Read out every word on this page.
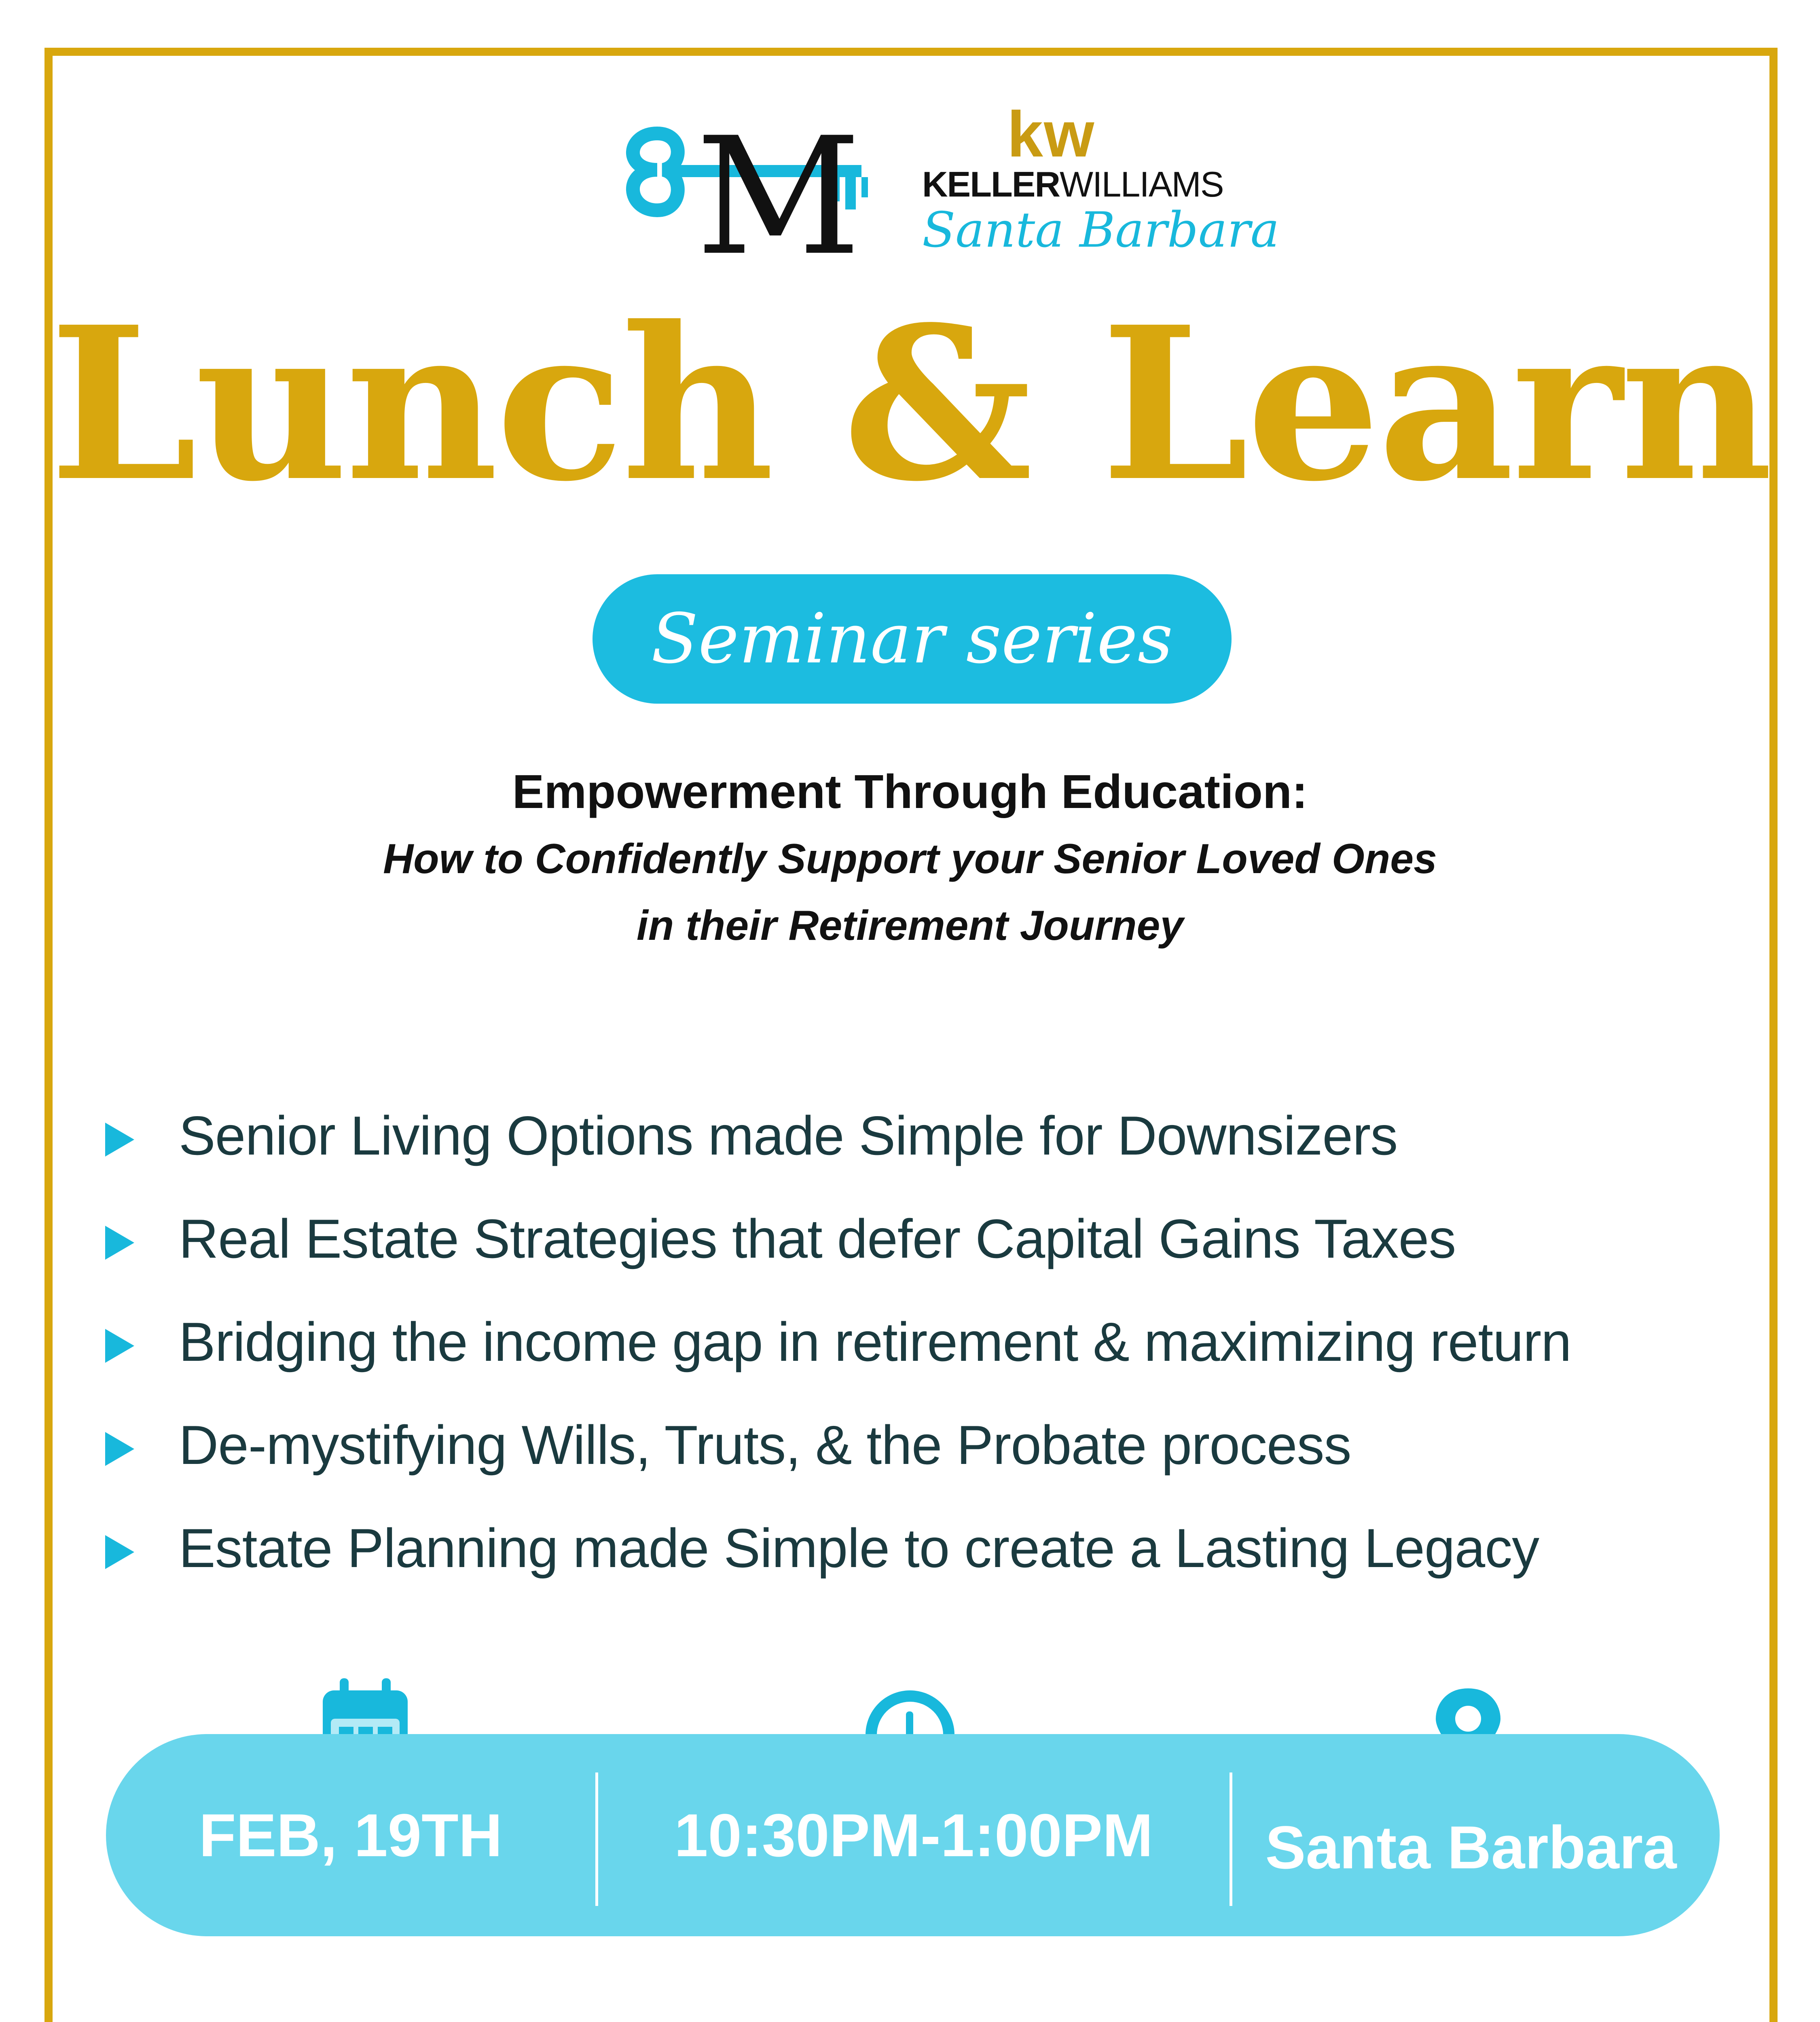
M kw
KELLERWILLIAMS
Santa Barbara
Lunch & Learn
Seminar series
Empowerment Through Education:
How to Confidently Support your Senior Loved Ones
in their Retirement Journey
Senior Living Options made Simple for Downsizers
Real Estate Strategies that defer Capital Gains Taxes
Bridging the income gap in retirement & maximizing return
De-mystifying Wills, Truts, & the Probate process
Estate Planning made Simple to create a Lasting Legacy
FEB, 19TH	10:30PM-1:00PM	Santa Barbara
